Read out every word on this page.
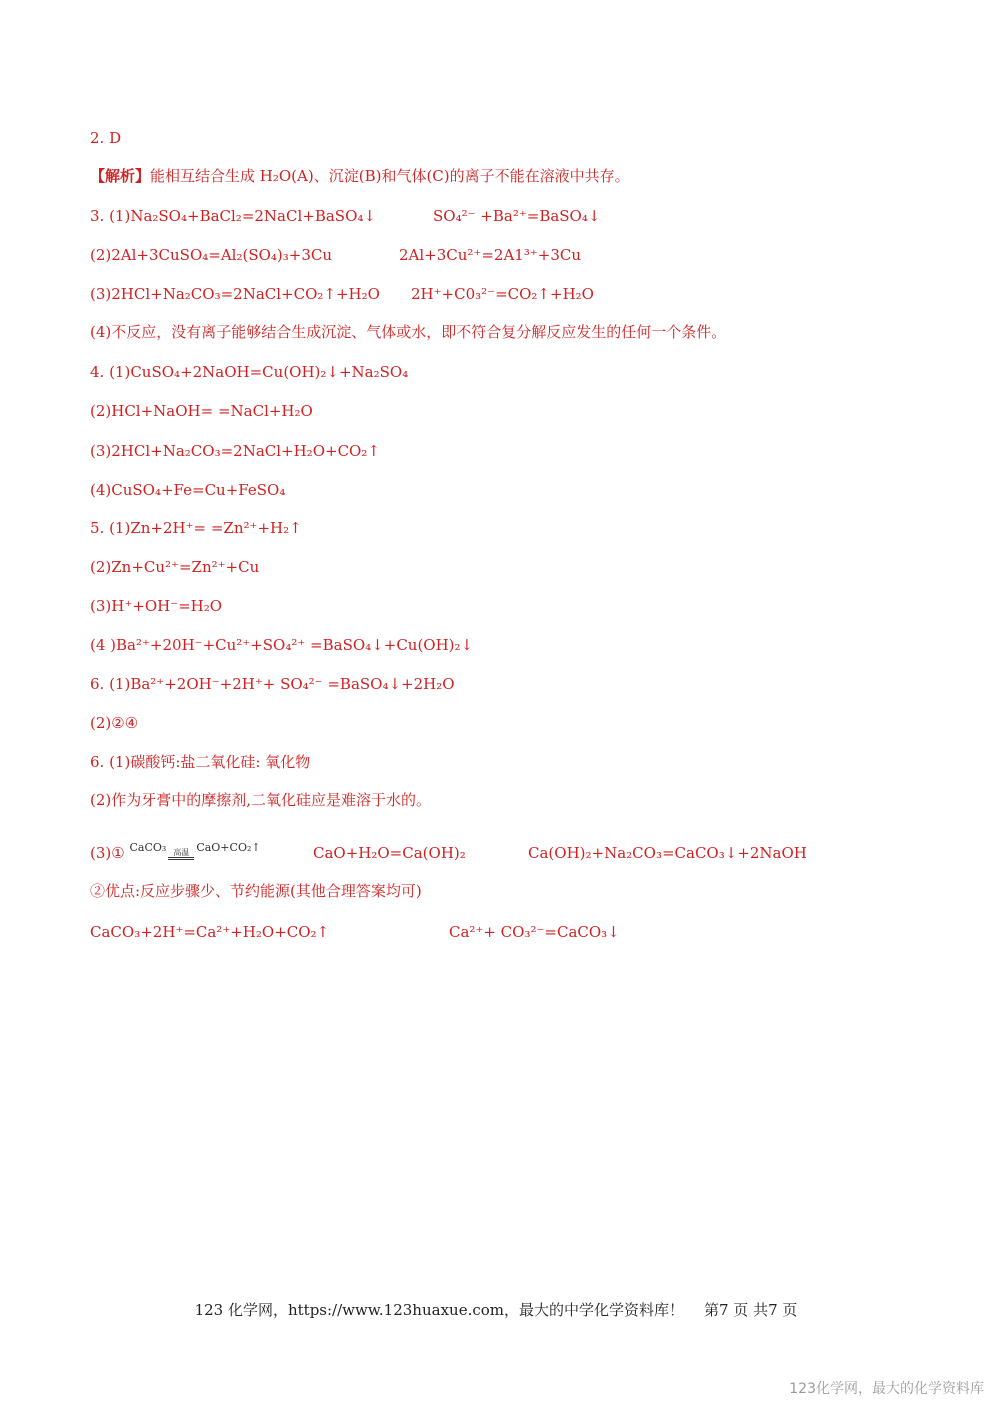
2. D
【解析】能相互结合生成 H₂O(A)、沉淀(B)和气体(C)的离子不能在溶液中共存。
3. (1)Na₂SO₄+BaCl₂=2NaCl+BaSO₄↓	SO₄²⁻ +Ba²⁺=BaSO₄↓
(2)2Al+3CuSO₄=Al₂(SO₄)₃+3Cu	2Al+3Cu²⁺=2A1³⁺+3Cu
(3)2HCl+Na₂CO₃=2NaCl+CO₂↑+H₂O 2H⁺+C0₃²⁻=CO₂↑+H₂O
(4)不反应，没有离子能够结合生成沉淀、气体或水，即不符合复分解反应发生的任何一个条件。
4. (1)CuSO₄+2NaOH=Cu(OH)₂↓+Na₂SO₄
(2)HCl+NaOH= =NaCl+H₂O
(3)2HCl+Na₂CO₃=2NaCl+H₂O+CO₂↑
(4)CuSO₄+Fe=Cu+FeSO₄
5. (1)Zn+2H⁺= =Zn²⁺+H₂↑
(2)Zn+Cu²⁺=Zn²⁺+Cu
(3)H⁺+OH⁻=H₂O
(4 )Ba²⁺+20H⁻+Cu²⁺+SO₄²⁺ =BaSO₄↓+Cu(OH)₂↓
6. (1)Ba²⁺+2OH⁻+2H⁺+ SO₄²⁻ =BaSO₄↓+2H₂O
(2)②④
6. (1)碳酸钙:盐二氧化硅: 氧化物
(2)作为牙膏中的摩擦剂,二氧化硅应是难溶于水的。
(3)① CaCO₃ 高温 CaO+CO₂↑	CaO+H₂O=Ca(OH)₂	Ca(OH)₂+Na₂CO₃=CaCO₃↓+2NaOH
②优点:反应步骤少、节约能源(其他合理答案均可)
CaCO₃+2H⁺=Ca²⁺+H₂O+CO₂↑	Ca²⁺+ CO₃²⁻=CaCO₃↓
123 化学网，https://www.123huaxue.com，最大的中学化学资料库！ 第7 页 共7 页
123化学网，最大的化学资料库
